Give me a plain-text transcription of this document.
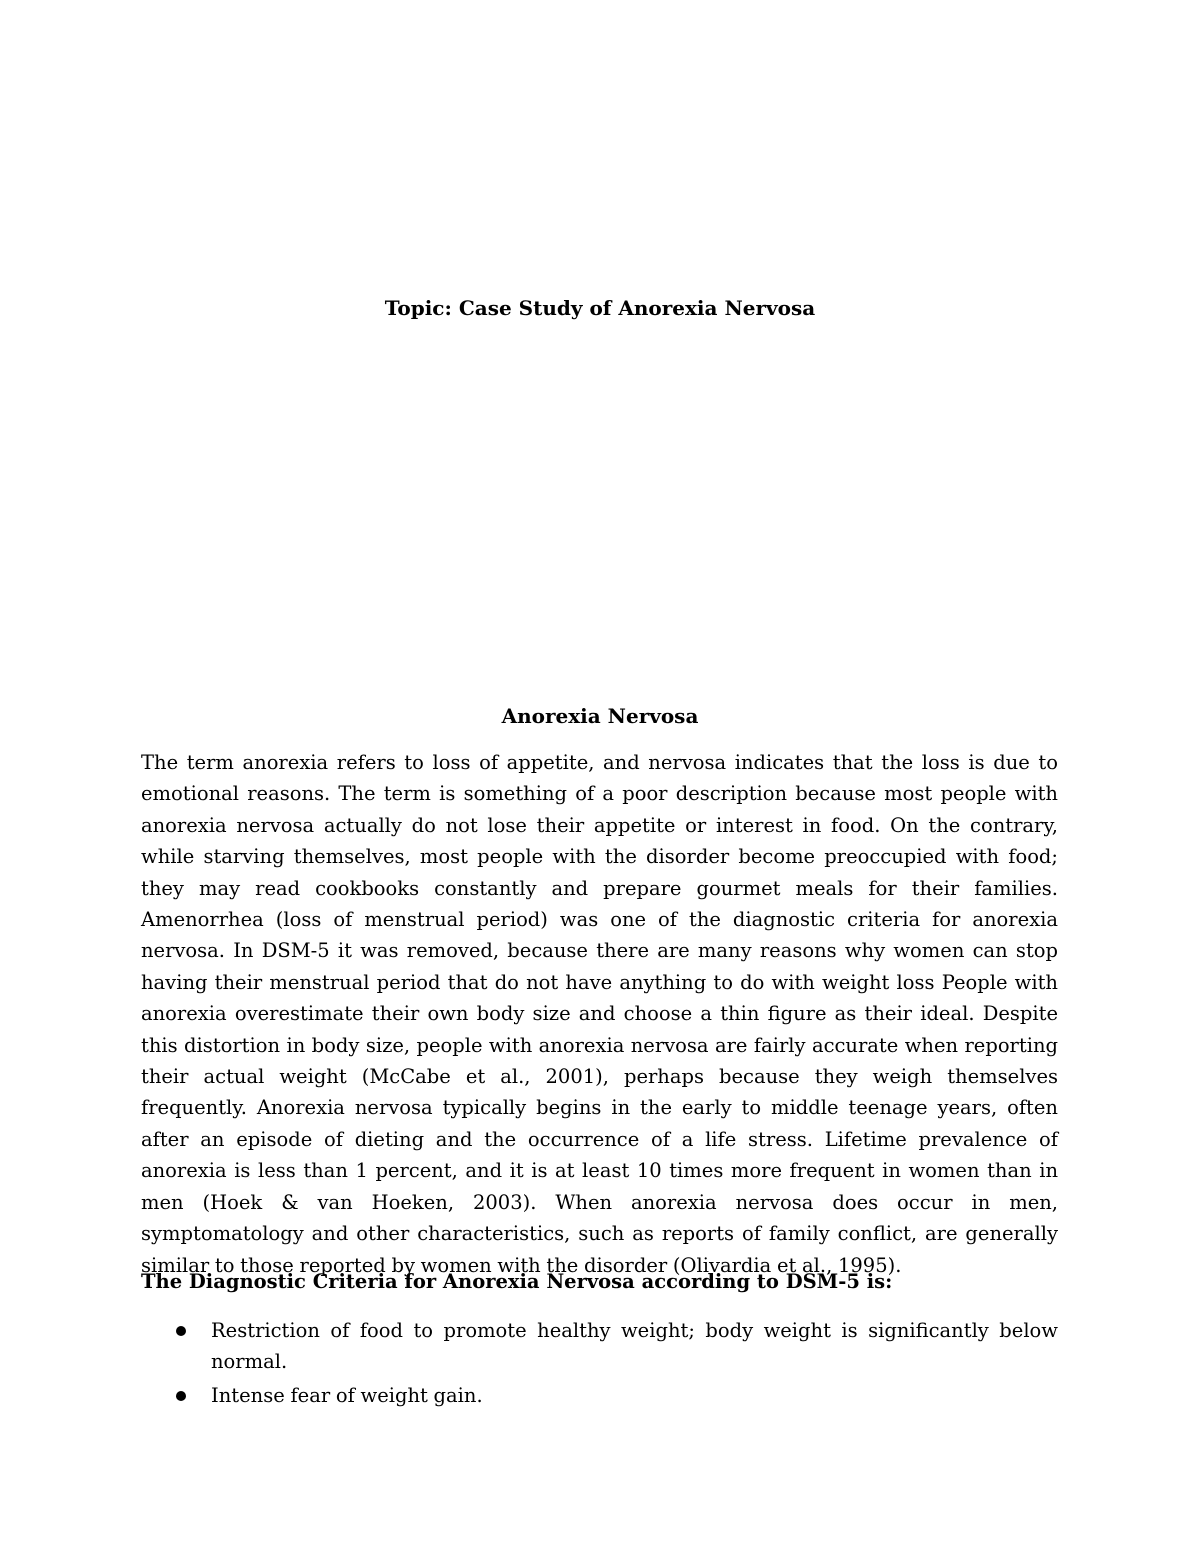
Topic: Case Study of Anorexia Nervosa
Anorexia Nervosa

The term anorexia refers to loss of appetite, and nervosa indicates that the loss is due to emotional reasons. The term is something of a poor description because most people with anorexia nervosa actually do not lose their appetite or interest in food. On the contrary, while starving themselves, most people with the disorder become preoccupied with food; they may read cookbooks constantly and prepare gourmet meals for their families. Amenorrhea (loss of menstrual period) was one of the diagnostic criteria for anorexia nervosa. In DSM-5 it was removed, because there are many reasons why women can stop having their menstrual period that do not have anything to do with weight loss People with anorexia overestimate their own body size and choose a thin figure as their ideal. Despite this distortion in body size, people with anorexia nervosa are fairly accurate when reporting their actual weight (McCabe et al., 2001), perhaps because they weigh themselves frequently. Anorexia nervosa typically begins in the early to middle teenage years, often after an episode of dieting and the occurrence of a life stress. Lifetime prevalence of anorexia is less than 1 percent, and it is at least 10 times more frequent in women than in men (Hoek & van Hoeken, 2003). When anorexia nervosa does occur in men, symptomatology and other characteristics, such as reports of family conflict, are generally similar to those reported by women with the disorder (Olivardia et al., 1995).

The Diagnostic Criteria for Anorexia Nervosa according to DSM-5 is:

Restriction of food to promote healthy weight; body weight is significantly below normal.
Intense fear of weight gain.
